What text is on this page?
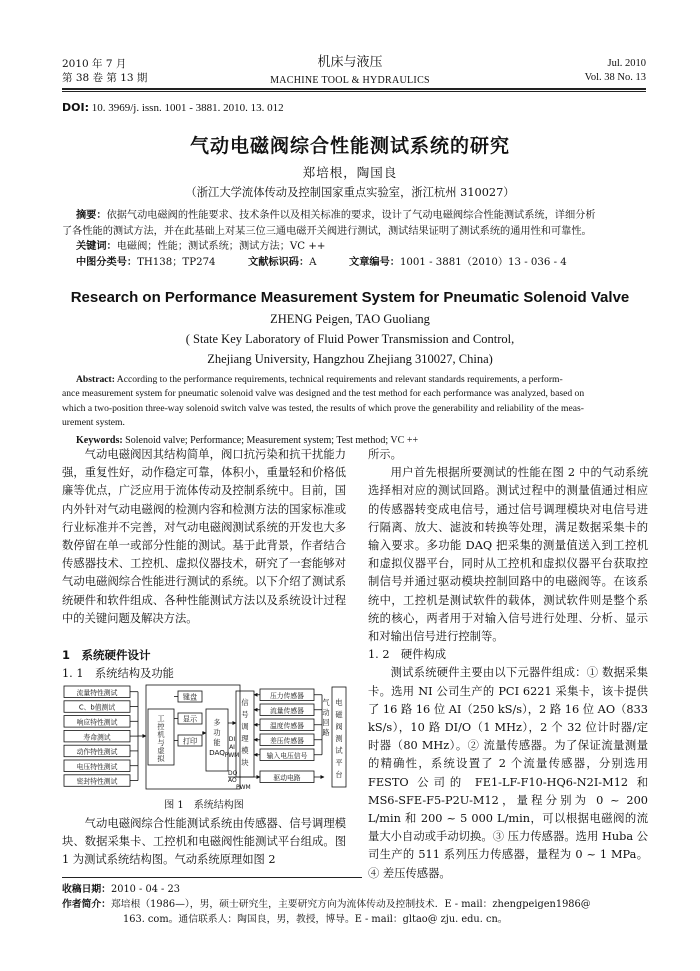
2010 年 7 月
第 38 卷 第 13 期
机床与液压
MACHINE TOOL & HYDRAULICS
Jul. 2010
Vol. 38 No. 13
DOI: 10. 3969/j. issn. 1001 - 3881. 2010. 13. 012
气动电磁阀综合性能测试系统的研究
郑培根，陶国良
（浙江大学流体传动及控制国家重点实验室，浙江杭州 310027）
摘要：依据气动电磁阀的性能要求、技术条件以及相关标准的要求，设计了气动电磁阀综合性能测试系统，详细分析
了各性能的测试方法，并在此基础上对某三位三通电磁开关阀进行测试，测试结果证明了测试系统的通用性和可靠性。
关键词：电磁阀；性能；测试系统；测试方法；VC ++
中图分类号：TH138；TP274	文献标识码：A	文章编号：1001 - 3881（2010）13 - 036 - 4
Research on Performance Measurement System for Pneumatic Solenoid Valve
ZHENG Peigen, TAO Guoliang
( State Key Laboratory of Fluid Power Transmission and Control,
Zhejiang University, Hangzhou Zhejiang 310027, China)
Abstract: According to the performance requirements, technical requirements and relevant standards requirements, a perform-
ance measurement system for pneumatic solenoid valve was designed and the test method for each performance was analyzed, based on
which a two-position three-way solenoid switch valve was tested, the results of which prove the generability and reliability of the meas-
urement system.
Keywords: Solenoid valve; Performance; Measurement system; Test method; VC ++

气动电磁阀因其结构简单，阀口抗污染和抗干扰能力强，重复性好，动作稳定可靠，体积小，重量轻和价格低廉等优点，广泛应用于流体传动及控制系统中。目前，国内外针对气动电磁阀的检测内容和检测方法的国家标准或行业标准并不完善，对气动电磁阀测试系统的开发也大多数停留在单一或部分性能的测试。基于此背景，作者结合传感器技术、工控机、虚拟仪器技术，研究了一套能够对气动电磁阀综合性能进行测试的系统。以下介绍了测试系统硬件和软件组成、各种性能测试方法以及系统设计过程中的关键问题及解决方法。

1　系统硬件设计
1. 1　系统结构及功能
流量特性测试
C、b值测试
响应特性测试
寿命测试
动作特性测试
电压特性测试
密封特性测试
工
控
机
与
虚
拟
键盘
显示
打印
多
功
能
DAQ
信
号
调
理
模
块
DI
AI
PWM
DO
AO
PWM
压力传感器
流量传感器
温度传感器
差压传感器
输入电压信号
驱动电路
气
动
回
路
电
磁
阀
测
试
平
台
图 1　系统结构图

气动电磁阀综合性能测试系统由传感器、信号调理模块、数据采集卡、工控机和电磁阀性能测试平台组成。图 1 为测试系统结构图。气动系统原理如图 2

所示。

用户首先根据所要测试的性能在图 2 中的气动系统选择相对应的测试回路。测试过程中的测量值通过相应的传感器转变成电信号，通过信号调理模块对电信号进行隔离、放大、滤波和转换等处理，满足数据采集卡的输入要求。多功能 DAQ 把采集的测量值送入到工控机和虚拟仪器平台，同时从工控机和虚拟仪器平台获取控制信号并通过驱动模块控制回路中的电磁阀等。在该系统中，工控机是测试软件的载体，测试软件则是整个系统的核心，两者用于对输入信号进行处理、分析、显示和对输出信号进行控制等。

1. 2　硬件构成

测试系统硬件主要由以下元器件组成：① 数据采集卡。选用 NI 公司生产的 PCI 6221 采集卡，该卡提供了 16 路 16 位 AI（250 kS/s），2 路 16 位 AO（833 kS/s），10 路 DI/O（1 MHz），2 个 32 位计时器/定时器（80 MHz）。② 流量传感器。为了保证流量测量的精确性，系统设置了 2 个流量传感器，分别选用 FESTO 公司的 FE1-LF-F10-HQ6-N2I-M12 和 MS6-SFE-F5-P2U-M12，量程分别为 0 ~ 200 L/min 和 200 ~ 5 000 L/min，可以根据电磁阀的流量大小自动或手动切换。③ 压力传感器。选用 Huba 公司生产的 511 系列压力传感器，量程为 0 ~ 1 MPa。④ 差压传感器。

收稿日期：2010 - 04 - 23
作者简介：郑培根（1986—），男，硕士研究生，主要研究方向为流体传动及控制技术．E - mail：zhengpeigen1986@
163. com。通信联系人：陶国良，男，教授，博导。E - mail：gltao@ zju. edu. cn。
